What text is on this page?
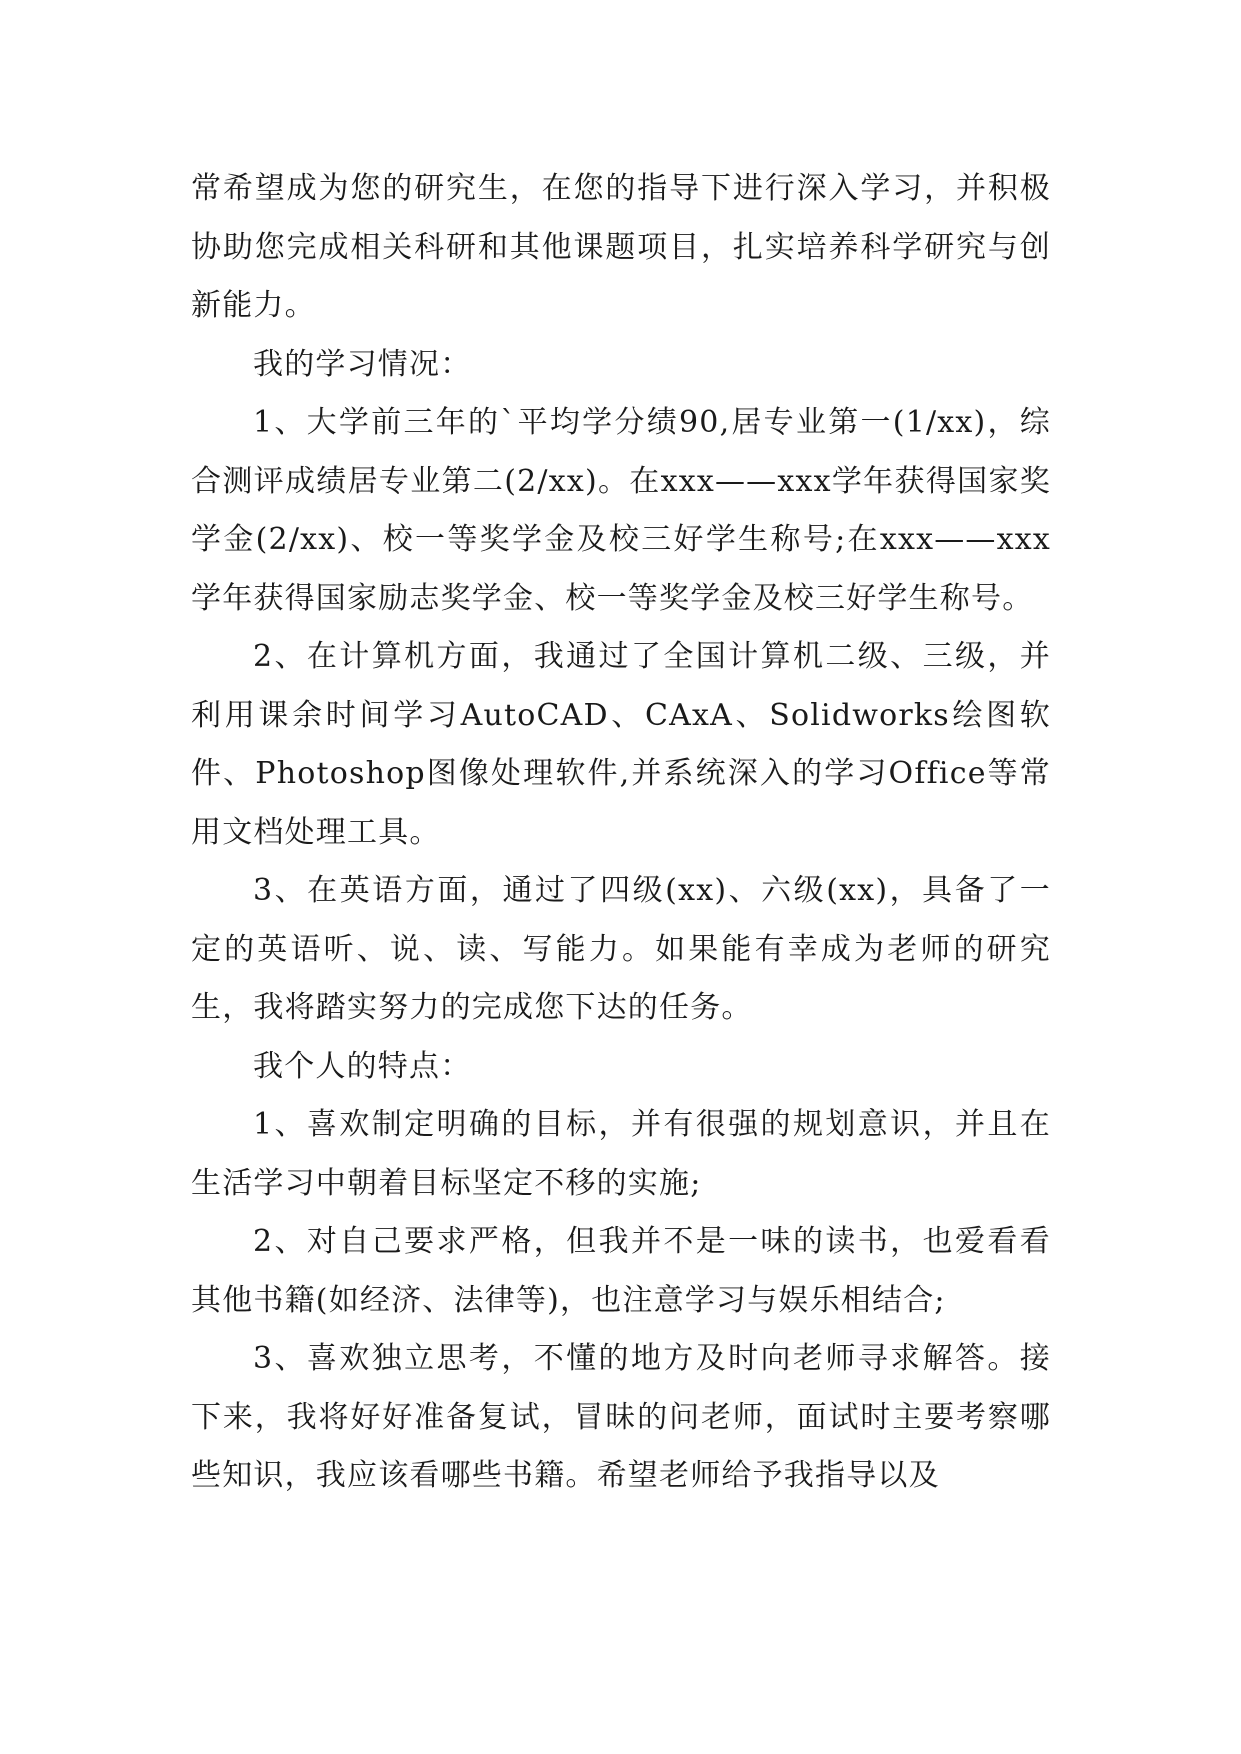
常希望成为您的研究生，在您的指导下进行深入学习，并积极协助您完成相关科研和其他课题项目，扎实培养科学研究与创新能力。

我的学习情况：

1、大学前三年的`平均学分绩90,居专业第一(1/xx)，综合测评成绩居专业第二(2/xx)。在xxx——xxx学年获得国家奖学金(2/xx)、校一等奖学金及校三好学生称号;在xxx——xxx学年获得国家励志奖学金、校一等奖学金及校三好学生称号。

2、在计算机方面，我通过了全国计算机二级、三级，并利用课余时间学习AutoCAD、CAxA、Solidworks绘图软件、Photoshop图像处理软件,并系统深入的学习Office等常用文档处理工具。

3、在英语方面，通过了四级(xx)、六级(xx)，具备了一定的英语听、说、读、写能力。如果能有幸成为老师的研究生，我将踏实努力的完成您下达的任务。

我个人的特点：

1、喜欢制定明确的目标，并有很强的规划意识，并且在生活学习中朝着目标坚定不移的实施;

2、对自己要求严格，但我并不是一味的读书，也爱看看其他书籍(如经济、法律等)，也注意学习与娱乐相结合;

3、喜欢独立思考，不懂的地方及时向老师寻求解答。接下来，我将好好准备复试，冒昧的问老师，面试时主要考察哪些知识，我应该看哪些书籍。希望老师给予我指导以及
